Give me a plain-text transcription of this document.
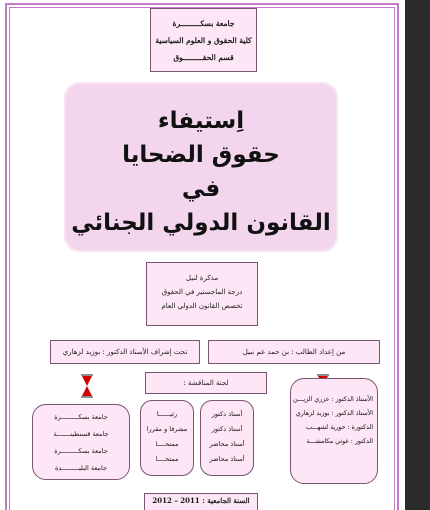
جامعة بسكـــــــــرة
كلية الحقوق و العلوم السياسية
قسم الحقـــــــــوق
اِستيفاء
حقوق الضحايا
في
القانون الدولي الجنائي
مذكرة لنيل
درجة الماجستير في الحقوق
تخصص القانون الدولي العام
من إعداد الطالب : بن حمد عم نبيل
تحت إشراف الأستاذ الدكتور : بوزيد لزهاري
لجنة المناقشة :
الأستاذ الدكتور : عزري الزيـــن
الأستاذ الدكتور : بوزيد لزهاري
الدكتورة : حورية لشهـــب
الدكتور : غوثي مكامشـــة
أستاذ دكتور
أستاذ دكتور
أستاذ محاضر
أستاذ محاضر
رئيــــــا
مشرفا و مقررا
ممتحــــا
ممتحــــا
جامعة بسكـــــــــرة
جامعة قسنطينـــــــة
جامعة بسكـــــــــرة
جامعة البليـــــــــدة
السنة الجامعية : 2011 – 2012
